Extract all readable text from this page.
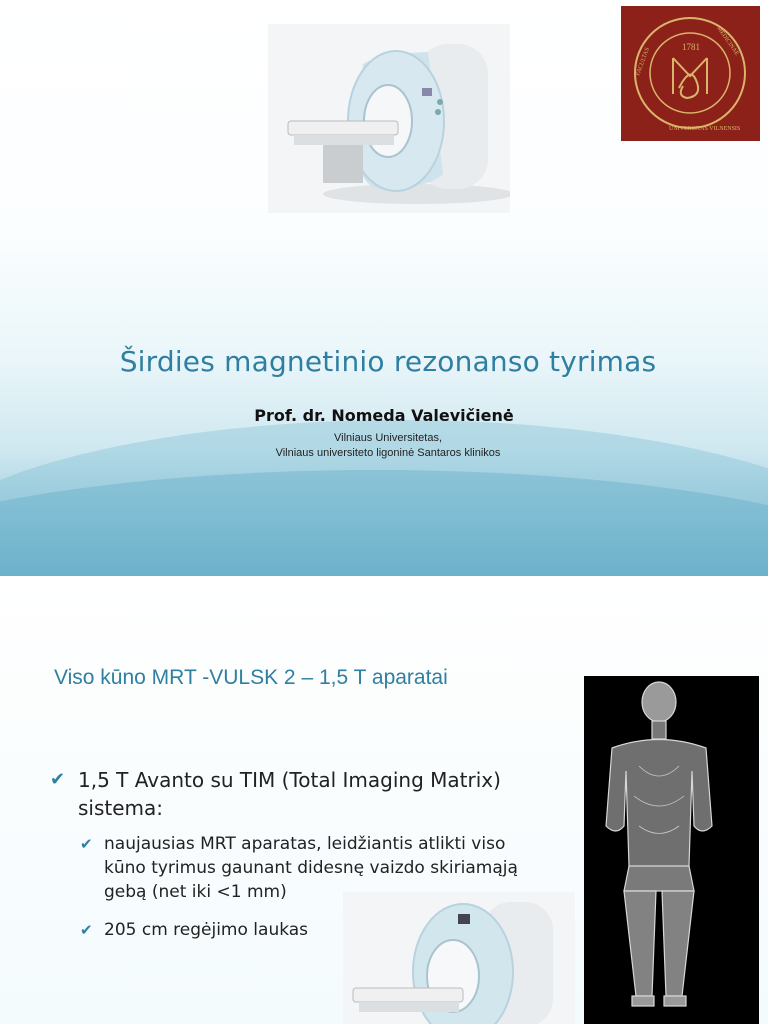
1781
FACULTAS
MEDICINAE
UNIVERSITAS VILNENSIS
Širdies magnetinio rezonanso tyrimas
Prof. dr. Nomeda Valevičienė
Vilniaus Universitetas,
Vilniaus universiteto ligoninė Santaros klinikos
Viso kūno MRT -VULSK 2 – 1,5 T aparatai
✔ 1,5 T Avanto su TIM (Total Imaging Matrix) sistema:
✔ naujausias MRT aparatas, leidžiantis atlikti viso kūno tyrimus gaunant didesnę vaizdo skiriamąją gebą (net iki <1 mm)
✔ 205 cm regėjimo laukas
